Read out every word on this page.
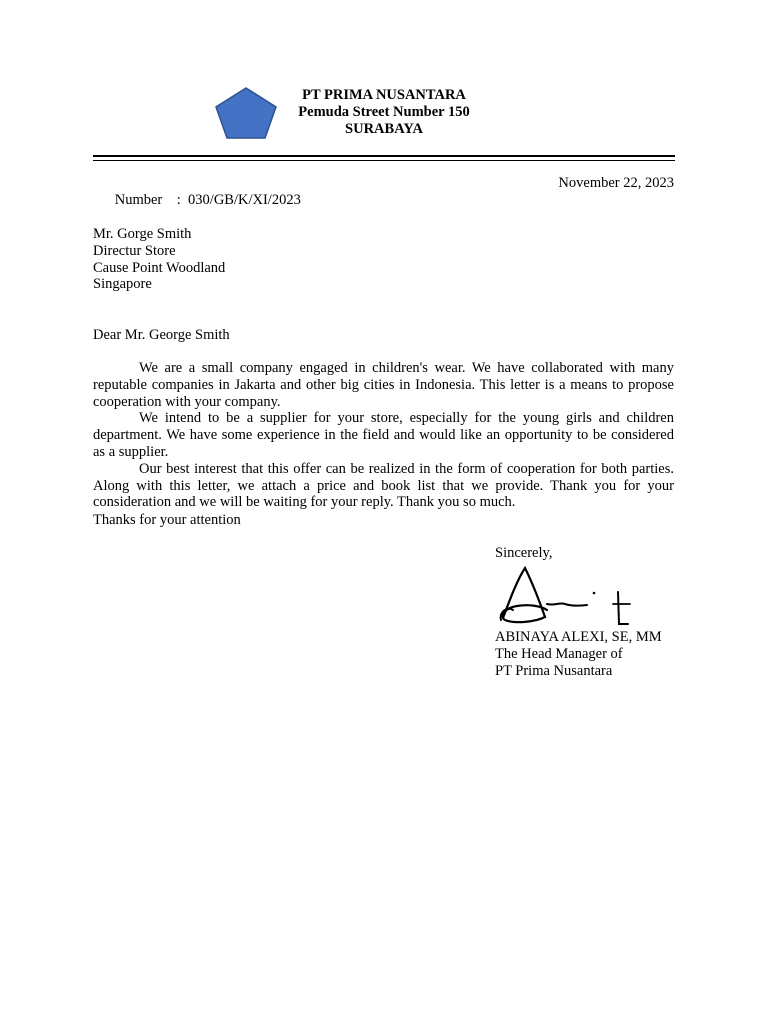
PT PRIMA NUSANTARA
Pemuda Street Number 150
SURABAYA

Number : 030/GB/K/XI/2023

November 22, 2023
Mr. Gorge Smith
Directur Store
Cause Point Woodland
Singapore
Dear Mr. George Smith

We are a small company engaged in children's wear. We have collaborated with many reputable companies in Jakarta and other big cities in Indonesia. This letter is a means to propose cooperation with your company.

We intend to be a supplier for your store, especially for the young girls and children department. We have some experience in the field and would like an opportunity to be considered as a supplier.

Our best interest that this offer can be realized in the form of cooperation for both parties. Along with this letter, we attach a price and book list that we provide. Thank you for your consideration and we will be waiting for your reply. Thank you so much.

Thanks for your attention
Sincerely,
ABINAYA ALEXI, SE, MM
The Head Manager of
PT Prima Nusantara
